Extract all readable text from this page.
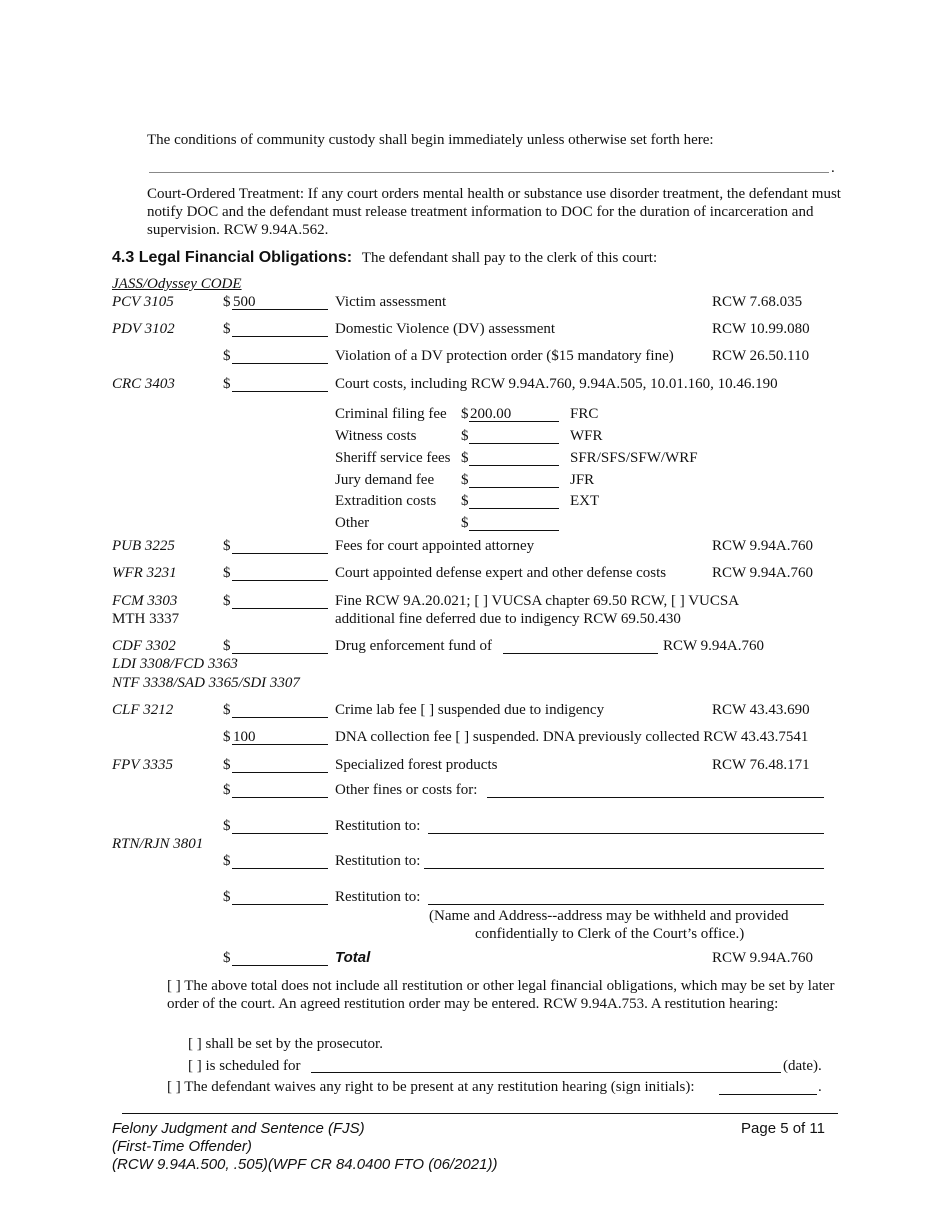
The conditions of community custody shall begin immediately unless otherwise set forth here:
.
Court-Ordered Treatment: If any court orders mental health or substance use disorder treatment, the defendant must notify DOC and the defendant must release treatment information to DOC for the duration of incarceration and supervision. RCW 9.94A.562.
4.3 Legal Financial Obligations: The defendant shall pay to the clerk of this court:
JASS/Odyssey CODE
PCV 3105	$ 500	Victim assessment	RCW 7.68.035
PDV 3102	$	Domestic Violence (DV) assessment	RCW 10.99.080
$	Violation of a DV protection order ($15 mandatory fine)	RCW 26.50.110
CRC 3403	$	Court costs, including RCW 9.94A.760, 9.94A.505, 10.01.160, 10.46.190
Criminal filing fee $ 200.00	FRC
Witness costs	$	WFR
Sheriff service fees $	SFR/SFS/SFW/WRF
Jury demand fee $	JFR
Extradition costs $	EXT
Other	$
PUB 3225	$	Fees for court appointed attorney	RCW 9.94A.760
WFR 3231	$	Court appointed defense expert and other defense costs	RCW 9.94A.760
FCM 3303
MTH 3337
$	Fine RCW 9A.20.021; [ ] VUCSA chapter 69.50 RCW, [ ] VUCSA
additional fine deferred due to indigency RCW 69.50.430
CDF 3302
LDI 3308/FCD 3363
NTF 3338/SAD 3365/SDI 3307
$	Drug enforcement fund of	RCW 9.94A.760
CLF 3212	$	Crime lab fee [ ] suspended due to indigency	RCW 43.43.690
$ 100	DNA collection fee [ ] suspended. DNA previously collected RCW 43.43.7541
FPV 3335	$	Specialized forest products	RCW 76.48.171
$	Other fines or costs for:
$	Restitution to:
RTN/RJN 3801
$	Restitution to:
$	Restitution to:
(Name and Address--address may be withheld and provided
confidentially to Clerk of the Court’s office.)
$	Total	RCW 9.94A.760
[ ] The above total does not include all restitution or other legal financial obligations, which may be set by later order of the court. An agreed restitution order may be entered. RCW 9.94A.753. A restitution hearing:
[ ] shall be set by the prosecutor.
[ ] is scheduled for	(date).
[ ] The defendant waives any right to be present at any restitution hearing (sign initials):	.
Felony Judgment and Sentence (FJS)
(First-Time Offender)
(RCW 9.94A.500, .505)(WPF CR 84.0400 FTO (06/2021))
Page 5 of 11
